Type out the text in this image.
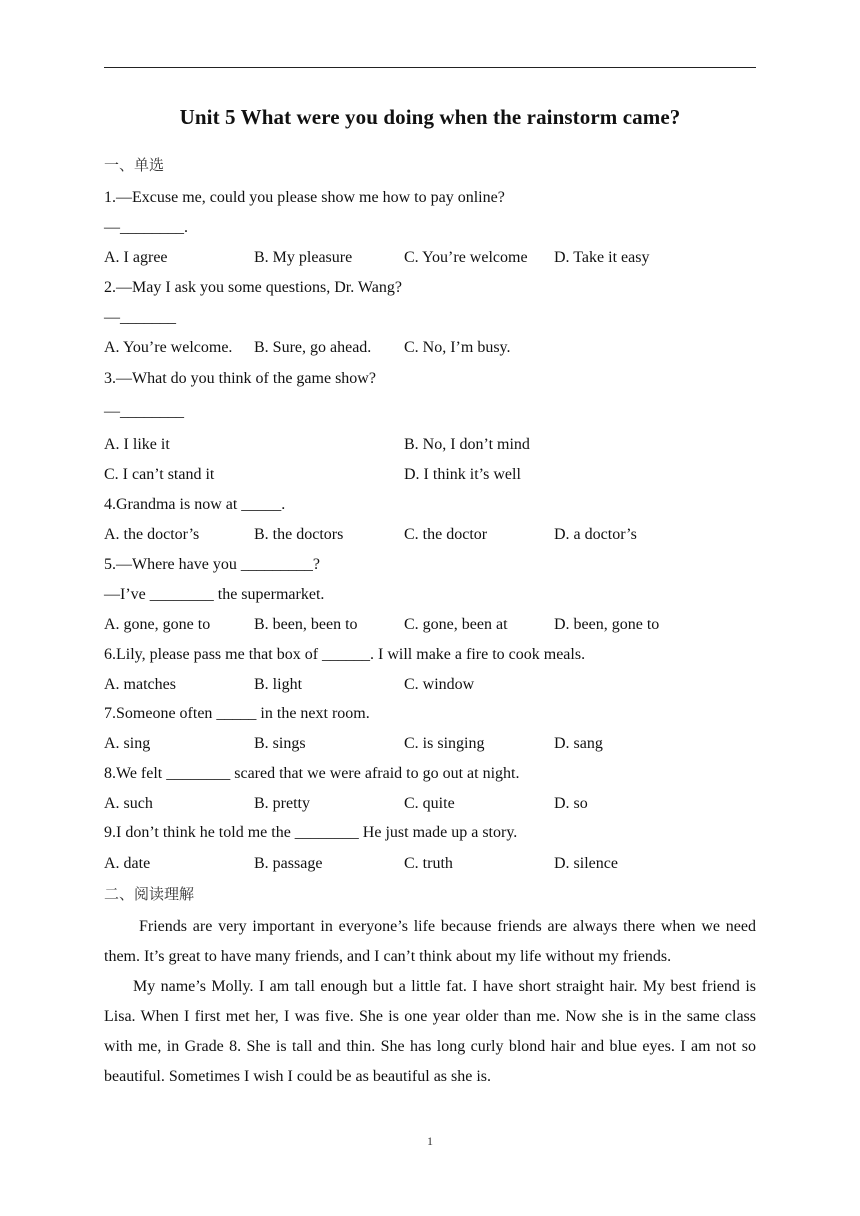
Unit 5 What were you doing when the rainstorm came?
一、单选
1.—Excuse me, could you please show me how to pay online?
—________.
A. I agree	B. My pleasure	C. You’re welcome D. Take it easy
2.—May I ask you some questions, Dr. Wang?
—_______
A. You’re welcome. B. Sure, go ahead. C. No, I’m busy.
3.—What do you think of the game show?
—________
A. I like it	B. No, I don’t mind
C. I can’t stand it	D. I think it’s well
4.Grandma is now at _____.
A. the doctor’s	B. the doctors	C. the doctor	D. a doctor’s
5.—Where have you _________?
—I’ve ________ the supermarket.
A. gone, gone to	B. been, been to	C. gone, been at	D. been, gone to
6.Lily, please pass me that box of ______. I will make a fire to cook meals.
A. matches	B. light	C. window
7.Someone often _____ in the next room.
A. sing	B. sings	C. is singing	D. sang
8.We felt ________ scared that we were afraid to go out at night.
A. such	B. pretty	C. quite	D. so
9.I don’t think he told me the ________ He just made up a story.
A. date	B. passage	C. truth	D. silence
二、阅读理解
Friends are very important in everyone’s life because friends are always there when we need them. It’s great to have many friends, and I can’t think about my life without my friends.
My name’s Molly. I am tall enough but a little fat. I have short straight hair. My best friend is Lisa. When I first met her, I was five. She is one year older than me. Now she is in the same class with me, in Grade 8. She is tall and thin. She has long curly blond hair and blue eyes. I am not so beautiful. Sometimes I wish I could be as beautiful as she is.
1
